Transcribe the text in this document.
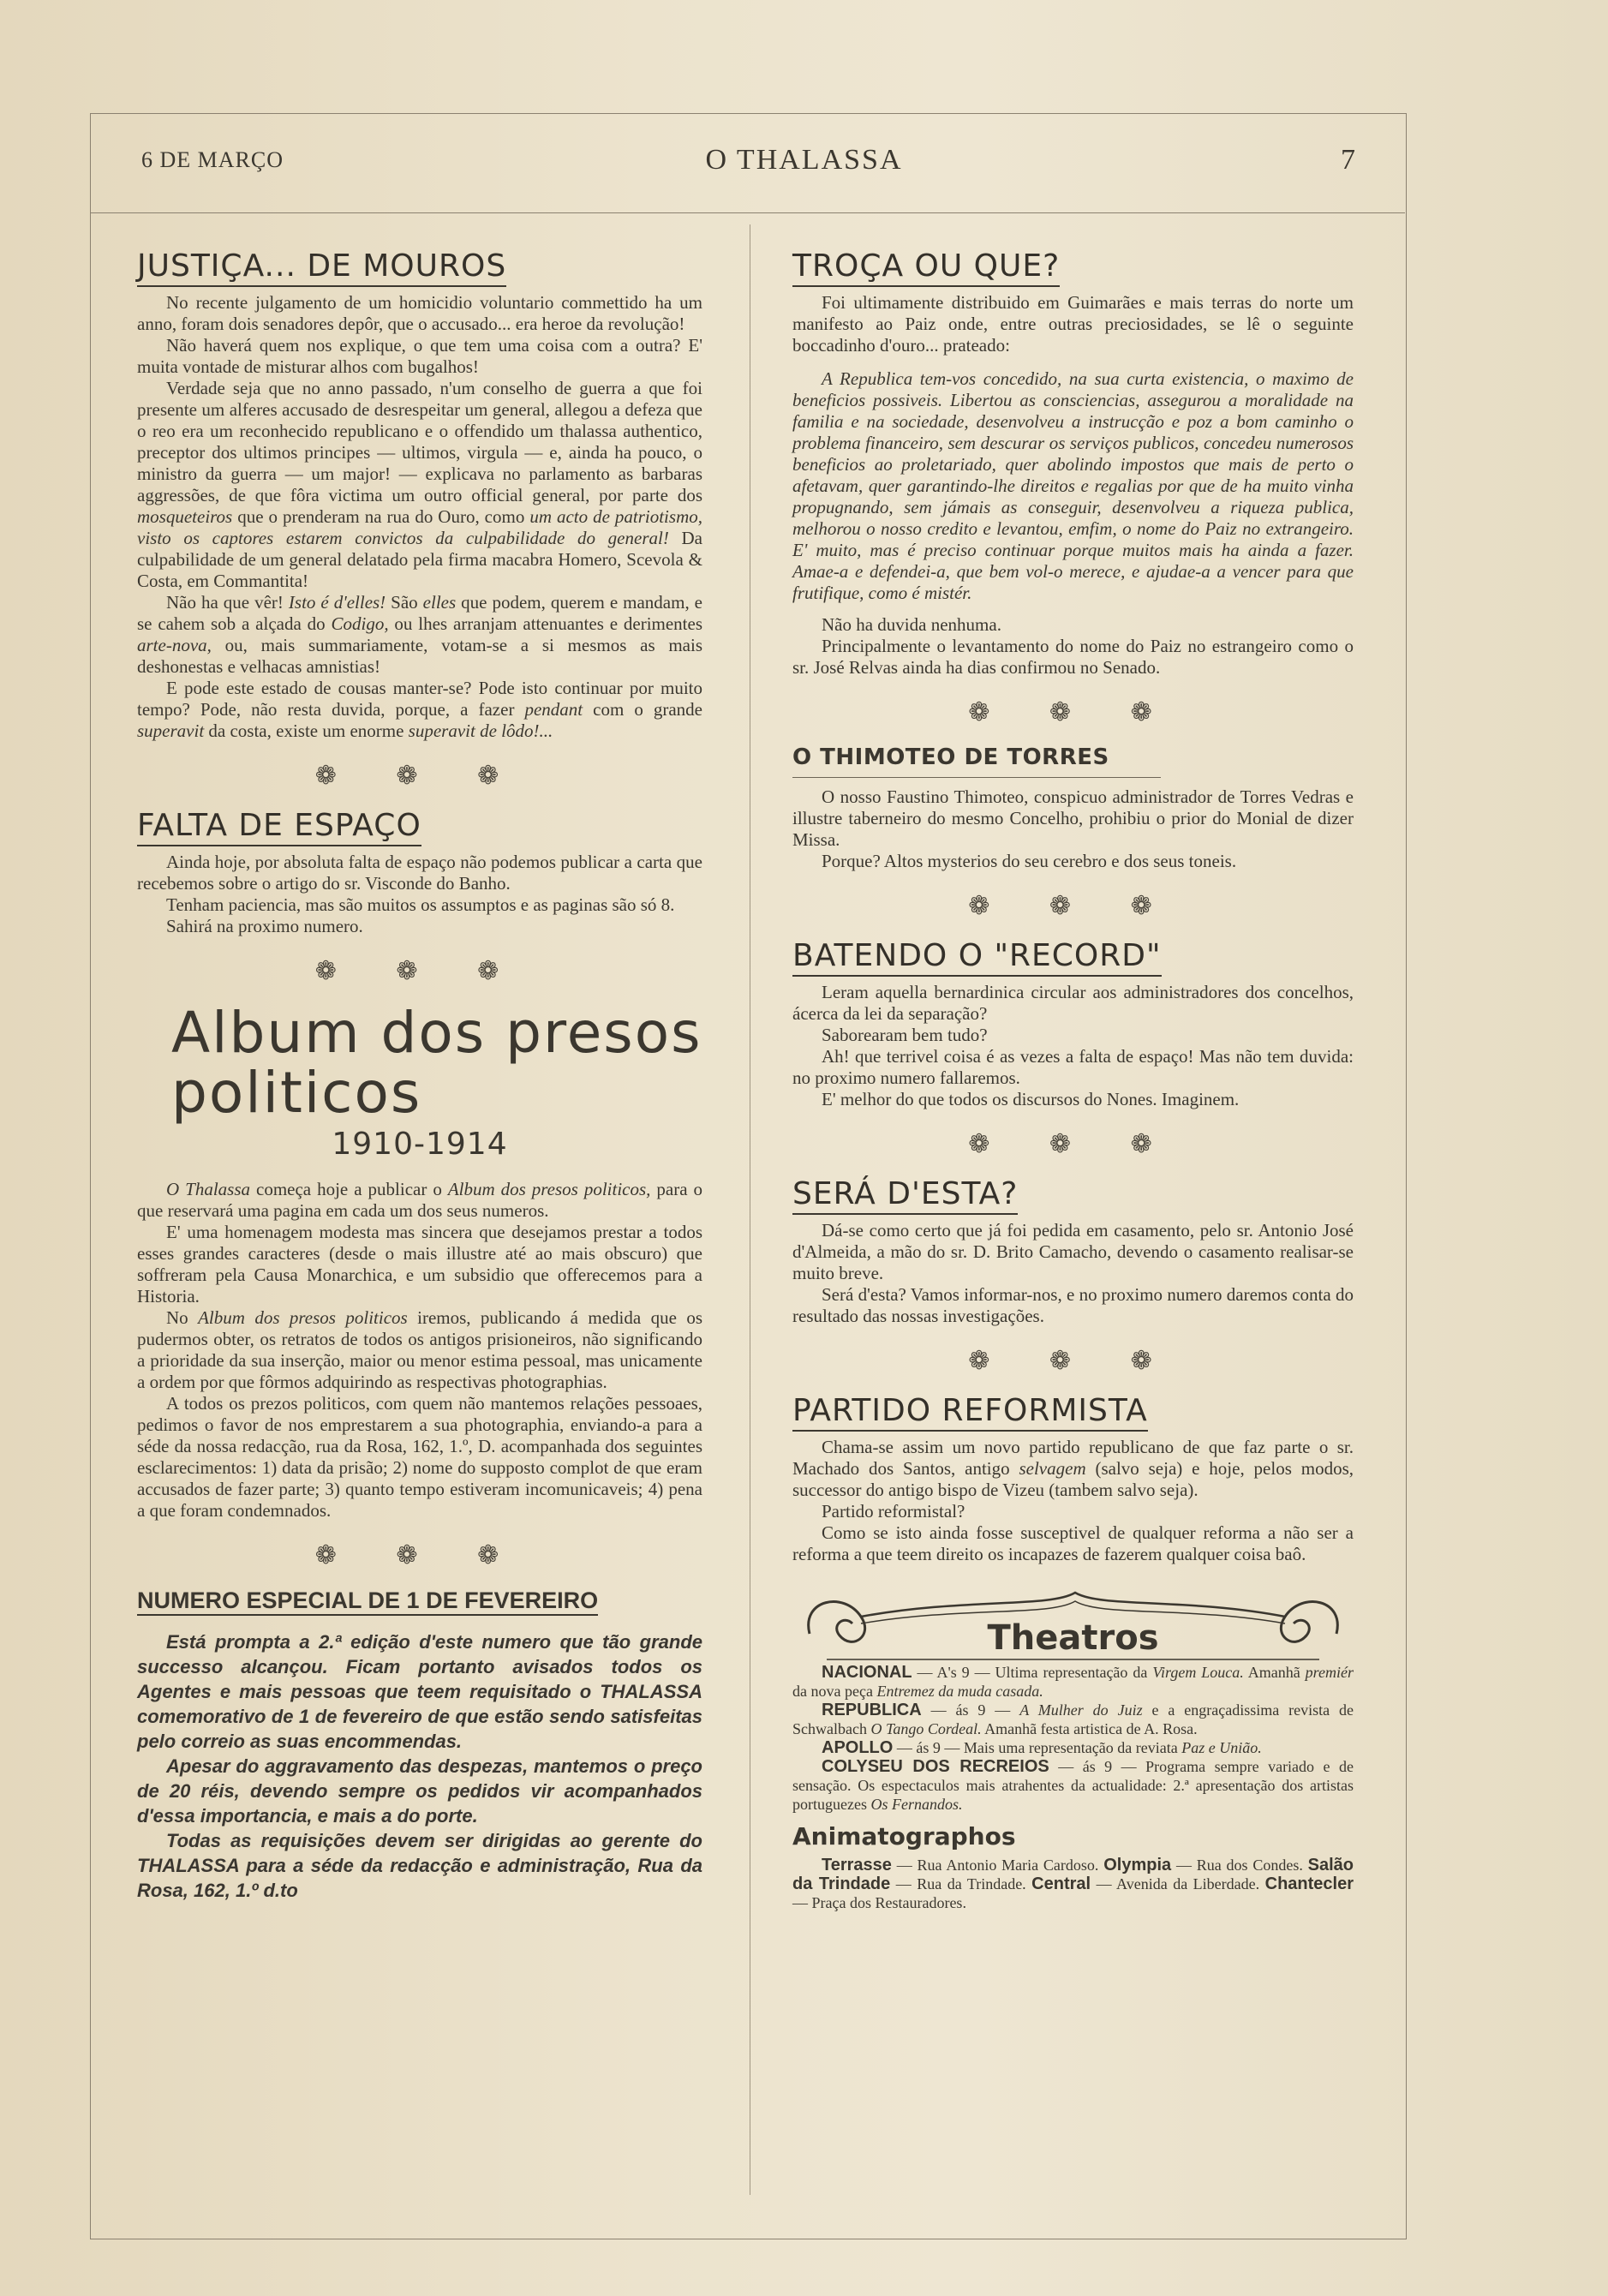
6 DE MARÇO	O THALASSA	7
JUSTIÇA... DE MOUROS

No recente julgamento de um homicidio voluntario commettido ha um anno, foram dois senadores depôr, que o accusado... era heroe da revolução!

Não haverá quem nos explique, o que tem uma coisa com a outra? E' muita vontade de misturar alhos com bugalhos!

Verdade seja que no anno passado, n'um conselho de guerra a que foi presente um alferes accusado de desrespeitar um general, allegou a defeza que o reo era um reconhecido republicano e o offendido um thalassa authentico, preceptor dos ultimos principes — ultimos, virgula — e, ainda ha pouco, o ministro da guerra — um major! — explicava no parlamento as barbaras aggressões, de que fôra victima um outro official general, por parte dos mosqueteiros que o prenderam na rua do Ouro, como um acto de patriotismo, visto os captores estarem convictos da culpabilidade do general! Da culpabilidade de um general delatado pela firma macabra Homero, Scevola & Costa, em Commantita!

Não ha que vêr! Isto é d'elles! São elles que podem, querem e mandam, e se cahem sob a alçada do Codigo, ou lhes arranjam attenuantes e derimentes arte-nova, ou, mais summariamente, votam-se a si mesmos as mais deshonestas e velhacas amnistias!

E pode este estado de cousas manter-se? Pode isto continuar por muito tempo? Pode, não resta duvida, porque, a fazer pendant com o grande superavit da costa, existe um enorme superavit de lôdo!...

❁ ❁ ❁
FALTA DE ESPAÇO

Ainda hoje, por absoluta falta de espaço não podemos publicar a carta que recebemos sobre o artigo do sr. Visconde do Banho.

Tenham paciencia, mas são muitos os assumptos e as paginas são só 8.

Sahirá na proximo numero.

❁ ❁ ❁
Album dos presos politicos
1910-1914

O Thalassa começa hoje a publicar o Album dos presos politicos, para o que reservará uma pagina em cada um dos seus numeros.

E' uma homenagem modesta mas sincera que desejamos prestar a todos esses grandes caracteres (desde o mais illustre até ao mais obscuro) que soffreram pela Causa Monarchica, e um subsidio que offerecemos para a Historia.

No Album dos presos politicos iremos, publicando á medida que os pudermos obter, os retratos de todos os antigos prisioneiros, não significando a prioridade da sua inserção, maior ou menor estima pessoal, mas unicamente a ordem por que fôrmos adquirindo as respectivas photographias.

A todos os prezos politicos, com quem não mantemos relações pessoaes, pedimos o favor de nos emprestarem a sua photographia, enviando-a para a séde da nossa redacção, rua da Rosa, 162, 1.º, D. acompanhada dos seguintes esclarecimentos: 1) data da prisão; 2) nome do supposto complot de que eram accusados de fazer parte; 3) quanto tempo estiveram incomunicaveis; 4) pena a que foram condemnados.

❁ ❁ ❁
NUMERO ESPECIAL DE 1 DE FEVEREIRO

Está prompta a 2.ª edição d'este numero que tão grande successo alcançou. Ficam portanto avisados todos os Agentes e mais pessoas que teem requisitado o THALASSA comemorativo de 1 de fevereiro de que estão sendo satisfeitas pelo correio as suas encommendas.

Apesar do aggravamento das despezas, mantemos o preço de 20 réis, devendo sempre os pedidos vir acompanhados d'essa importancia, e mais a do porte.

Todas as requisições devem ser dirigidas ao gerente do THALASSA para a séde da redacção e administração, Rua da Rosa, 162, 1.º d.to

TROÇA OU QUE?

Foi ultimamente distribuido em Guimarães e mais terras do norte um manifesto ao Paiz onde, entre outras preciosidades, se lê o seguinte boccadinho d'ouro... prateado:

A Republica tem-vos concedido, na sua curta existencia, o maximo de beneficios possiveis. Libertou as consciencias, assegurou a moralidade na familia e na sociedade, desenvolveu a instrucção e poz a bom caminho o problema financeiro, sem descurar os serviços publicos, concedeu numerosos beneficios ao proletariado, quer abolindo impostos que mais de perto o afetavam, quer garantindo-lhe direitos e regalias por que de ha muito vinha propugnando, sem jámais as conseguir, desenvolveu a riqueza publica, melhorou o nosso credito e levantou, emfim, o nome do Paiz no extrangeiro. E' muito, mas é preciso continuar porque muitos mais ha ainda a fazer. Amae-a e defendei-a, que bem vol-o merece, e ajudae-a a vencer para que frutifique, como é mistér.

Não ha duvida nenhuma.

Principalmente o levantamento do nome do Paiz no estrangeiro como o sr. José Relvas ainda ha dias confirmou no Senado.

❁ ❁ ❁
O THIMOTEO DE TORRES

O nosso Faustino Thimoteo, conspicuo administrador de Torres Vedras e illustre taberneiro do mesmo Concelho, prohibiu o prior do Monial de dizer Missa.

Porque? Altos mysterios do seu cerebro e dos seus toneis.

❁ ❁ ❁
BATENDO O "RECORD"

Leram aquella bernardinica circular aos administradores dos concelhos, ácerca da lei da separação?

Saborearam bem tudo?

Ah! que terrivel coisa é as vezes a falta de espaço! Mas não tem duvida: no proximo numero fallaremos.

E' melhor do que todos os discursos do Nones. Imaginem.

❁ ❁ ❁
SERÁ D'ESTA?

Dá-se como certo que já foi pedida em casamento, pelo sr. Antonio José d'Almeida, a mão do sr. D. Brito Camacho, devendo o casamento realisar-se muito breve.

Será d'esta? Vamos informar-nos, e no proximo numero daremos conta do resultado das nossas investigações.

❁ ❁ ❁
PARTIDO REFORMISTA

Chama-se assim um novo partido republicano de que faz parte o sr. Machado dos Santos, antigo selvagem (salvo seja) e hoje, pelos modos, successor do antigo bispo de Vizeu (tambem salvo seja).

Partido reformistal?

Como se isto ainda fosse susceptivel de qualquer reforma a não ser a reforma a que teem direito os incapazes de fazerem qualquer coisa baô.

Theatros

NACIONAL — A's 9 — Ultima representação da Virgem Louca. Amanhã premiér da nova peça Entremez da muda casada.

REPUBLICA — ás 9 — A Mulher do Juiz e a engraçadissima revista de Schwalbach O Tango Cordeal. Amanhã festa artistica de A. Rosa.

APOLLO — ás 9 — Mais uma representação da reviata Paz e União.

COLYSEU DOS RECREIOS — ás 9 — Programa sempre variado e de sensação. Os espectaculos mais atrahentes da actualidade: 2.ª apresentação dos artistas portuguezes Os Fernandos.

Animatographos

Terrasse — Rua Antonio Maria Cardoso. Olympia — Rua dos Condes. Salão da Trindade — Rua da Trindade. Central — Avenida da Liberdade. Chantecler — Praça dos Restauradores.
